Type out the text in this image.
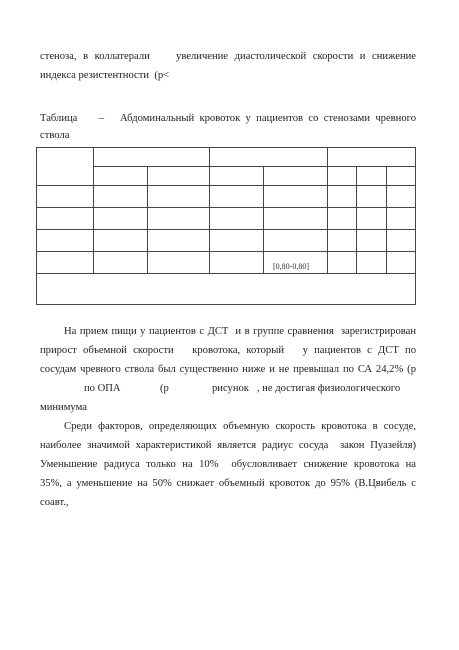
стеноза, в коллатерали    увеличение диастолической скорости и снижение
индекса резистентности  (р<
Таблица    –   Абдоминальный кровоток у пациентов со стенозами чревного
ствола
[0,80-0,80]
На прием пищи у пациентов с ДСТ  и в группе сравнения  зарегистрирован
прирост объемной скорости   кровотока, который   у пациентов с ДСТ по
сосудам чревного ствола был существенно ниже и не превышал по СА 24,2% (р
по ОПА	(р	рисунок   , не достигая физиологического
минимума
Среди факторов, определяющих объемную скорость кровотока в сосуде,
наиболее значимой характеристикой является радиус сосуда  закон Пуазейля)
Уменьшение радиуса только на 10%  обусловливает снижение кровотока на
35%, а уменьшение на 50% снижает объемный кровоток до 95% (В.Цвибель с
соавт.,
